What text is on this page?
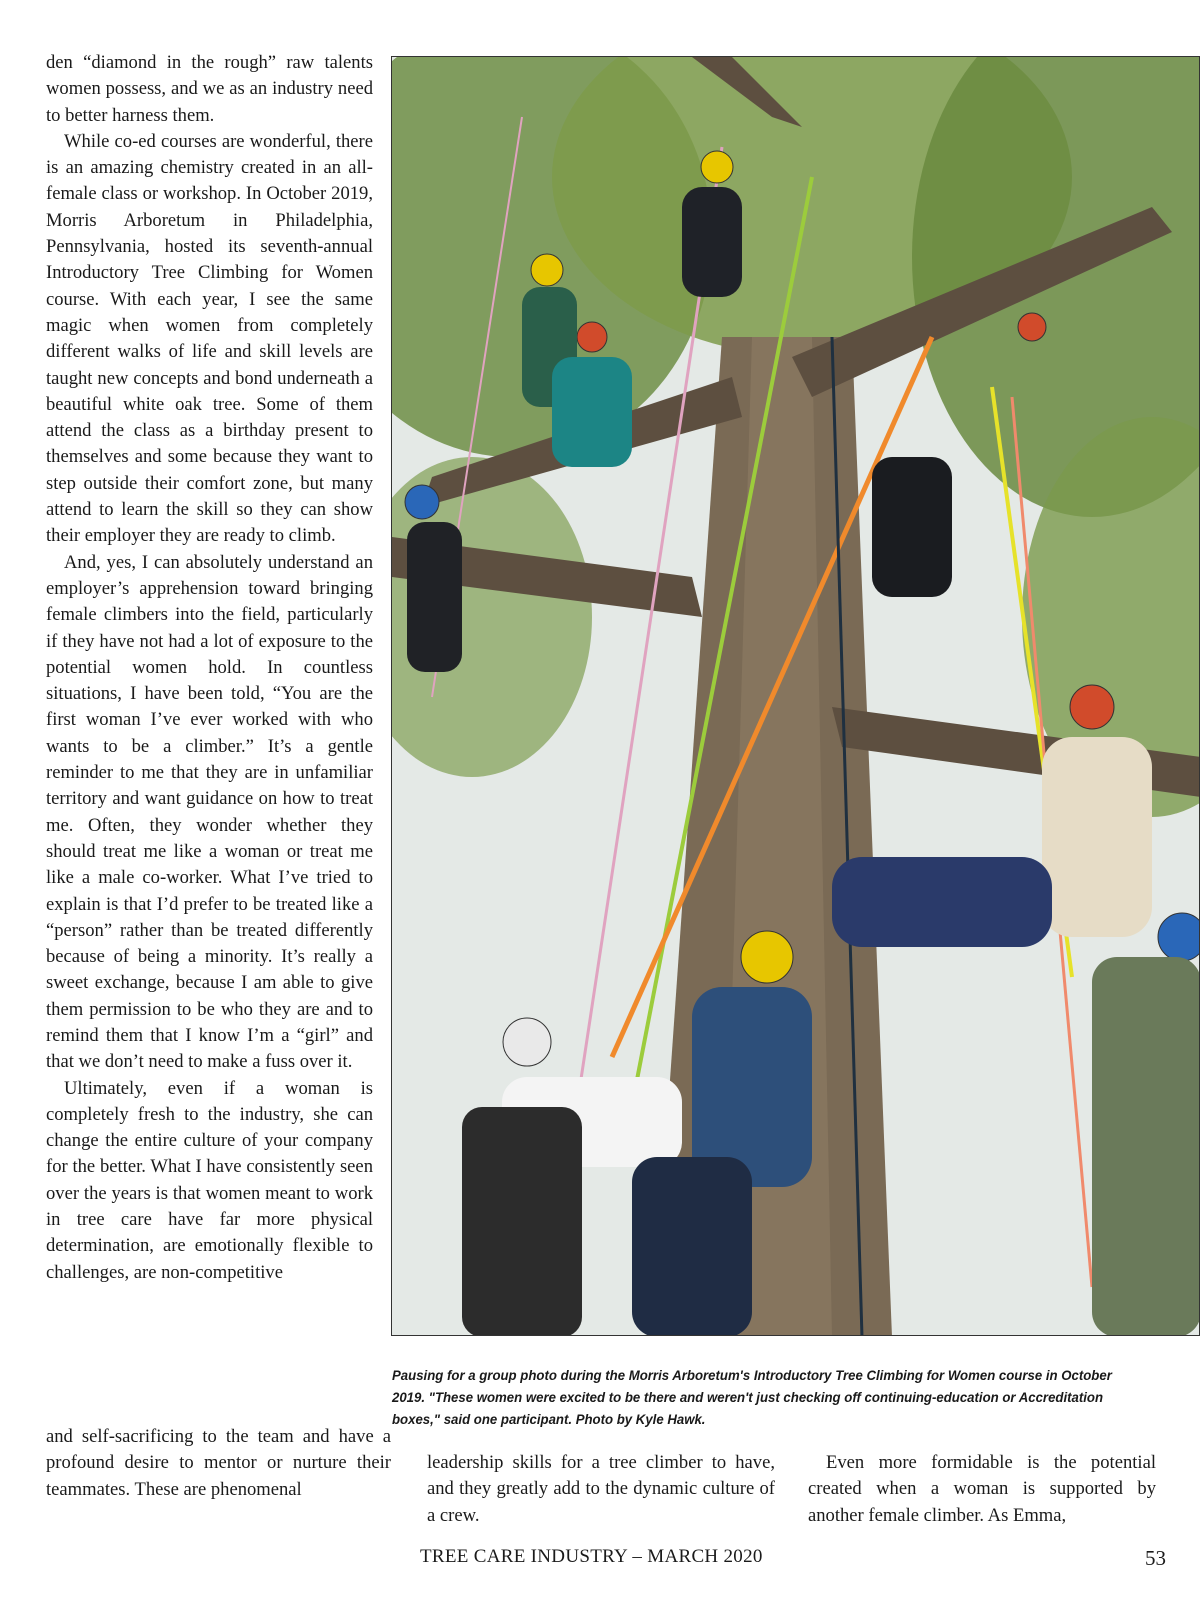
den “diamond in the rough” raw talents women possess, and we as an industry need to better harness them.

While co-ed courses are wonderful, there is an amazing chemistry created in an all-female class or workshop. In October 2019, Morris Arboretum in Philadelphia, Pennsylvania, hosted its seventh-annual Introductory Tree Climbing for Women course. With each year, I see the same magic when women from completely different walks of life and skill levels are taught new concepts and bond underneath a beautiful white oak tree. Some of them attend the class as a birthday present to themselves and some because they want to step outside their comfort zone, but many attend to learn the skill so they can show their employer they are ready to climb.

And, yes, I can absolutely understand an employer’s apprehension toward bringing female climbers into the field, particularly if they have not had a lot of exposure to the potential women hold. In countless situations, I have been told, “You are the first woman I’ve ever worked with who wants to be a climber.” It’s a gentle reminder to me that they are in unfamiliar territory and want guidance on how to treat me. Often, they wonder whether they should treat me like a woman or treat me like a male co-worker. What I’ve tried to explain is that I’d prefer to be treated like a “person” rather than be treated differently because of being a minority. It’s really a sweet exchange, because I am able to give them permission to be who they are and to remind them that I know I’m a “girl” and that we don’t need to make a fuss over it.

Ultimately, even if a woman is completely fresh to the industry, she can change the entire culture of your company for the better. What I have consistently seen over the years is that women meant to work in tree care have far more physical determination, are emotionally flexible to challenges, are non-competitive

Pausing for a group photo during the Morris Arboretum's Introductory Tree Climbing for Women course in October 2019. "These women were excited to be there and weren't just checking off continuing-education or Accreditation boxes," said one participant. Photo by Kyle Hawk.

and self-sacrificing to the team and have a profound desire to mentor or nurture their teammates. These are phenomenal

leadership skills for a tree climber to have, and they greatly add to the dynamic culture of a crew.

Even more formidable is the potential created when a woman is supported by another female climber. As Emma,

TREE CARE INDUSTRY – MARCH 2020	53
